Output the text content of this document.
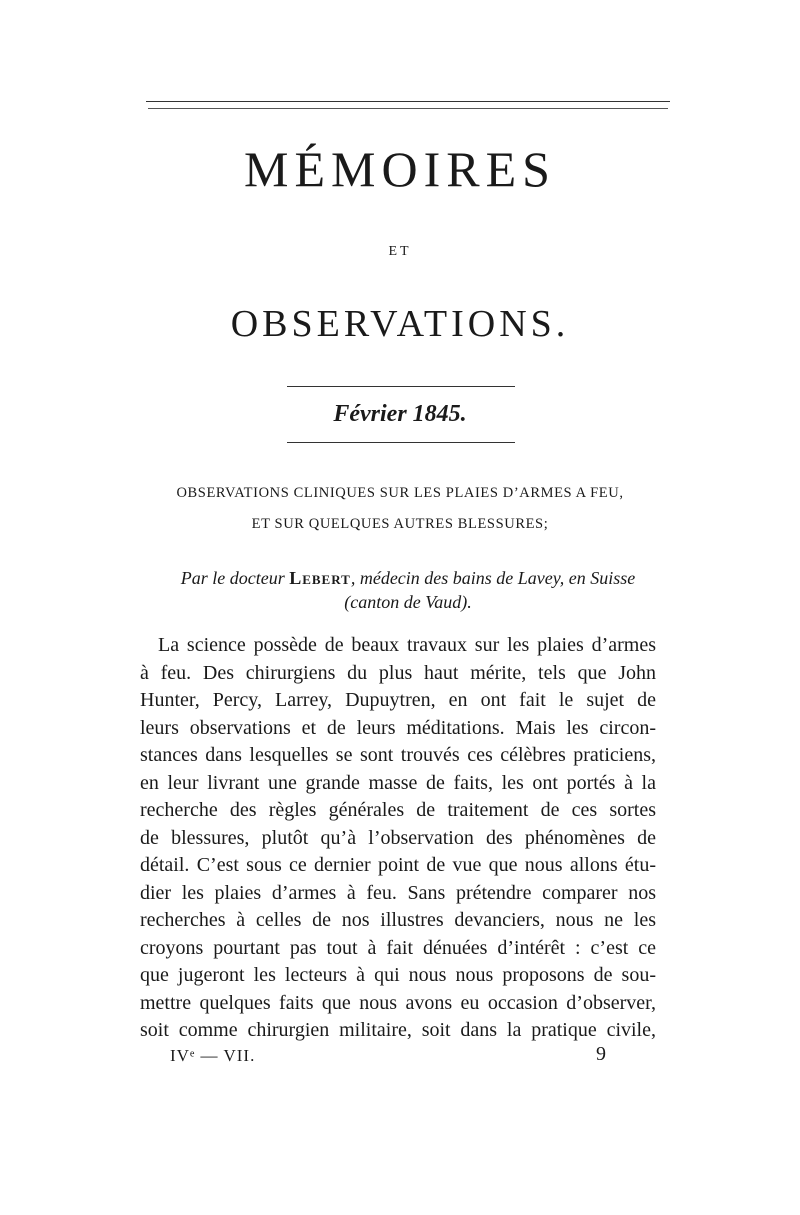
MÉMOIRES
ET
OBSERVATIONS.
Février 1845.
OBSERVATIONS CLINIQUES SUR LES PLAIES D’ARMES A FEU,
ET SUR QUELQUES AUTRES BLESSURES;
Par le docteur Lebert, médecin des bains de Lavey, en Suisse
(canton de Vaud).
La science possède de beaux travaux sur les plaies d’armes
à feu. Des chirurgiens du plus haut mérite, tels que John
Hunter, Percy, Larrey, Dupuytren, en ont fait le sujet de
leurs observations et de leurs méditations. Mais les circon-
stances dans lesquelles se sont trouvés ces célèbres praticiens,
en leur livrant une grande masse de faits, les ont portés à la
recherche des règles générales de traitement de ces sortes
de blessures, plutôt qu’à l’observation des phénomènes de
détail. C’est sous ce dernier point de vue que nous allons étu-
dier les plaies d’armes à feu. Sans prétendre comparer nos
recherches à celles de nos illustres devanciers, nous ne les
croyons pourtant pas tout à fait dénuées d’intérêt : c’est ce
que jugeront les lecteurs à qui nous nous proposons de sou-
mettre quelques faits que nous avons eu occasion d’observer,
soit comme chirurgien militaire, soit dans la pratique civile,
IVᵉ — VII.	9
